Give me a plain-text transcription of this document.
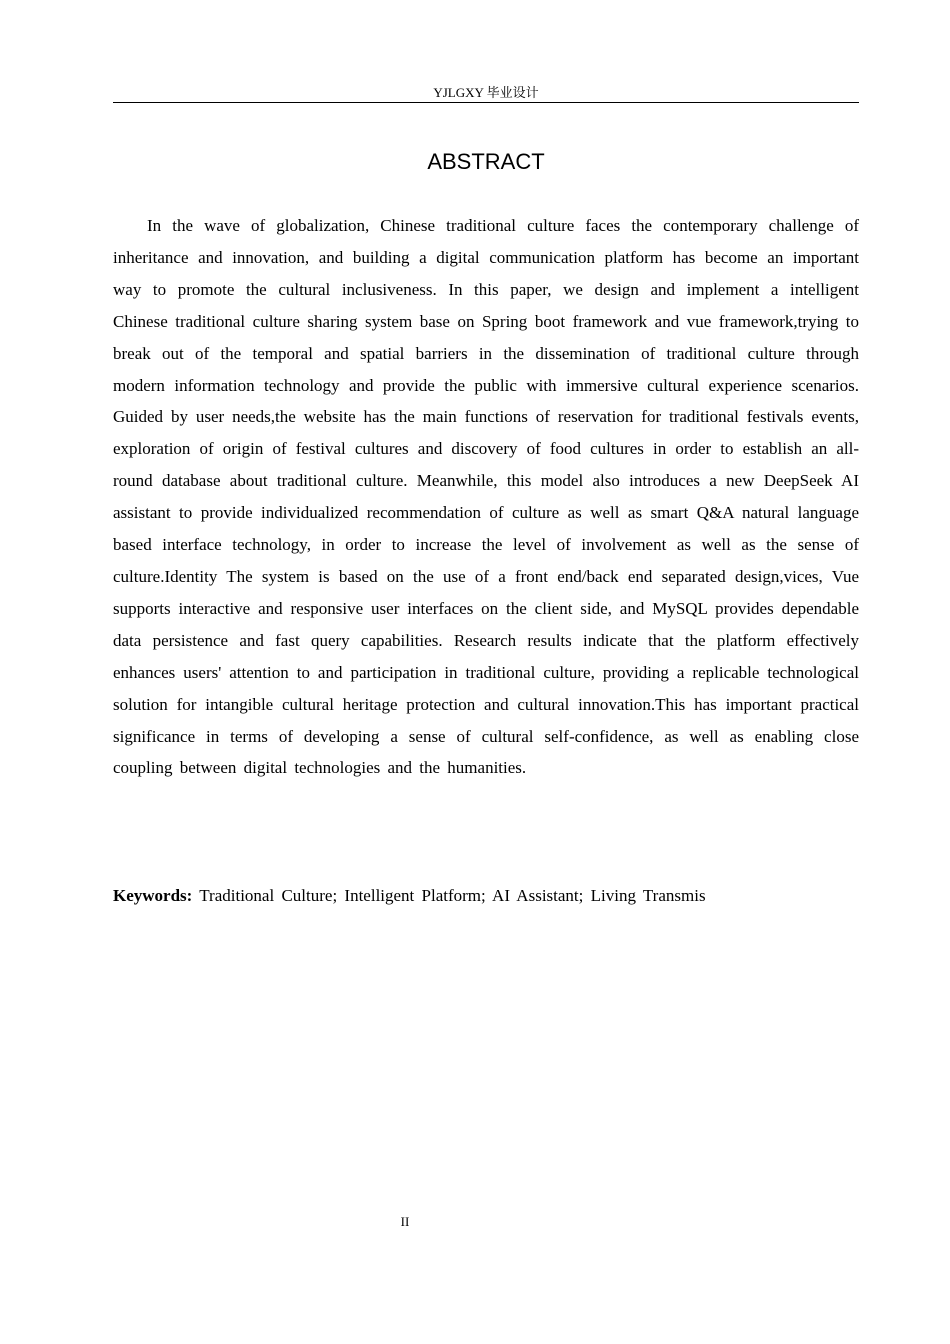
YJLGXY 毕业设计
ABSTRACT

In the wave of globalization, Chinese traditional culture faces the contemporary challenge of inheritance and innovation, and building a digital communication platform has become an important way to promote the cultural inclusiveness. In this paper, we design and implement a intelligent Chinese traditional culture sharing system base on Spring boot framework and vue framework,trying to break out of the temporal and spatial barriers in the dissemination of traditional culture through modern information technology and provide the public with immersive cultural experience scenarios. Guided by user needs,the website has the main functions of reservation for traditional festivals events, exploration of origin of festival cultures and discovery of food cultures in order to establish an all-round database about traditional culture. Meanwhile, this model also introduces a new DeepSeek AI assistant to provide individualized recommendation of culture as well as smart Q&A natural language based interface technology, in order to increase the level of involvement as well as the sense of culture.Identity The system is based on the use of a front end/back end separated design,vices, Vue supports interactive and responsive user interfaces on the client side, and MySQL provides dependable data persistence and fast query capabilities. Research results indicate that the platform effectively enhances users' attention to and participation in traditional culture, providing a replicable technological solution for intangible cultural heritage protection and cultural innovation.This has important practical significance in terms of developing a sense of cultural self-confidence, as well as enabling close coupling between digital technologies and the humanities.

Keywords: Traditional Culture; Intelligent Platform; AI Assistant; Living Transmis

II
